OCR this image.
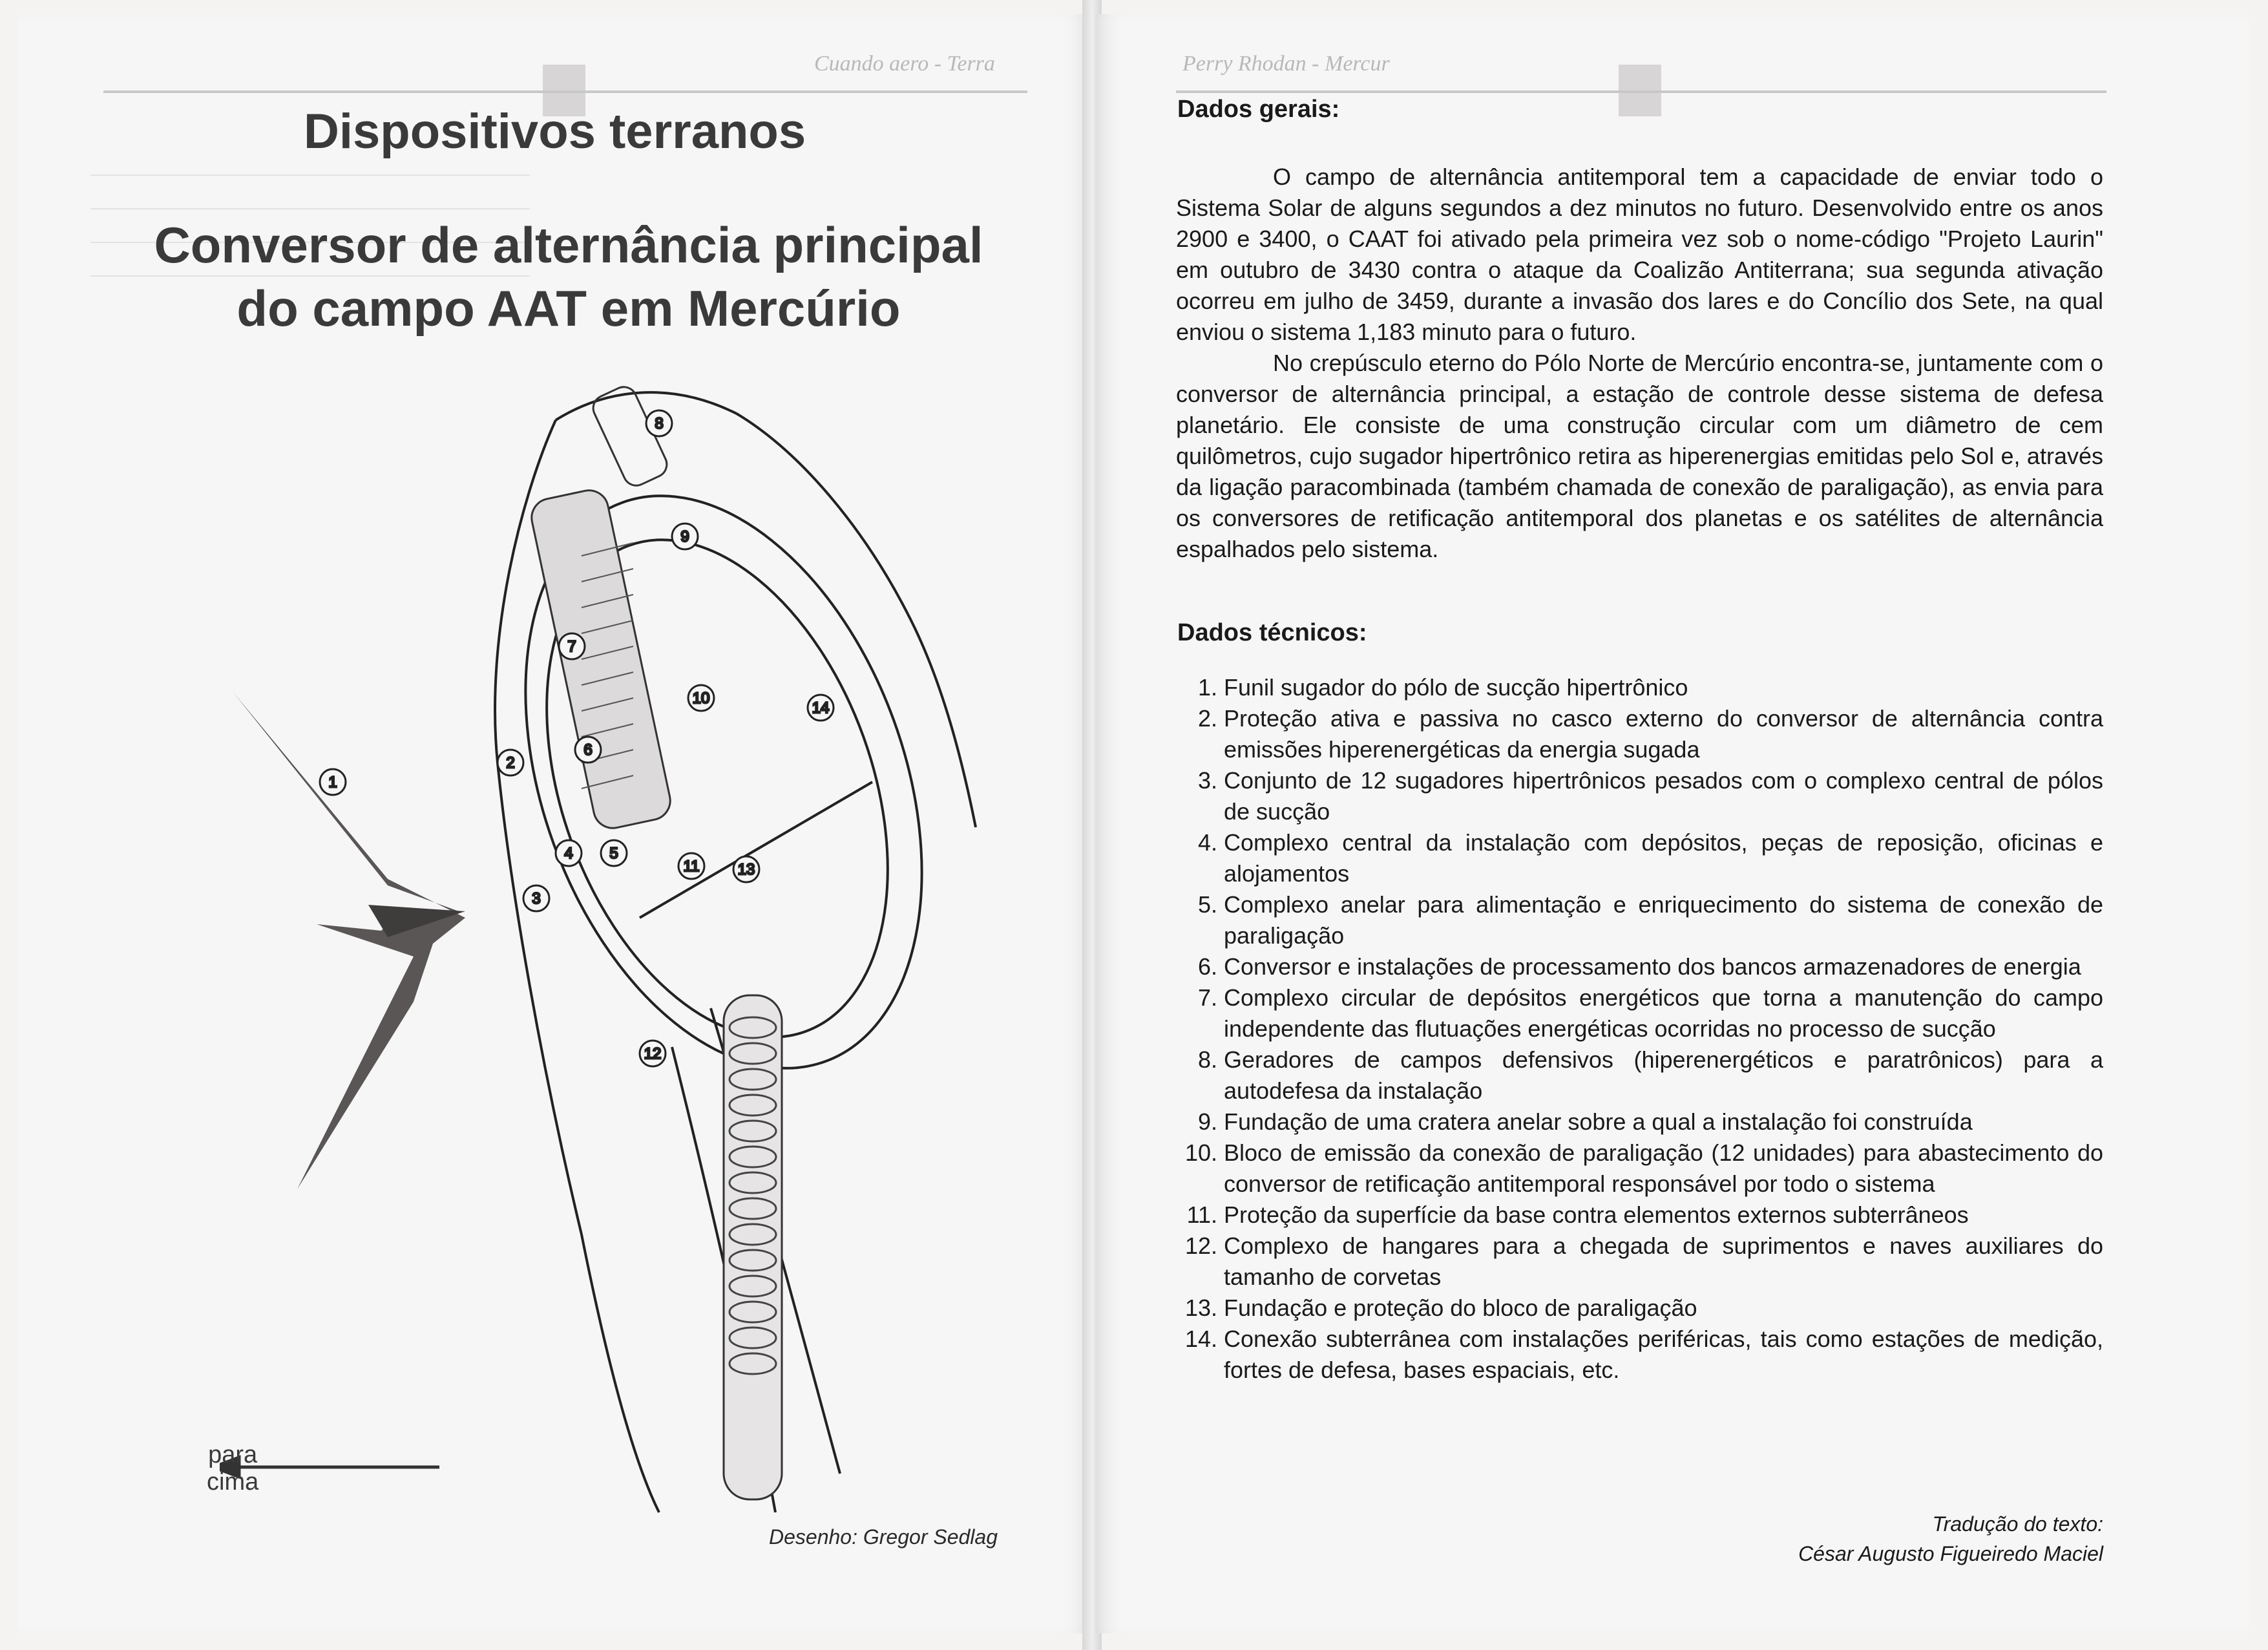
Cuando aero - Terra
Dispositivos terranos
Conversor de alternância principal do campo AAT em Mercúrio
1
2
3
4 5
6
7
8
9
10
11
12
13
14
para
cima
Desenho: Gregor Sedlag
Perry Rhodan - Mercur
Dados gerais:

O campo de alternância antitemporal tem a capacidade de enviar todo o Sistema Solar de alguns segundos a dez minutos no futuro. Desenvolvido entre os anos 2900 e 3400, o CAAT foi ativado pela primeira vez sob o nome-código "Projeto Laurin" em outubro de 3430 contra o ataque da Coalizão Antiterrana; sua segunda ativação ocorreu em julho de 3459, durante a invasão dos lares e do Concílio dos Sete, na qual enviou o sistema 1,183 minuto para o futuro.

No crepúsculo eterno do Pólo Norte de Mercúrio encontra-se, juntamente com o conversor de alternância principal, a estação de controle desse sistema de defesa planetário. Ele consiste de uma construção circular com um diâmetro de cem quilômetros, cujo sugador hipertrônico retira as hiperenergias emitidas pelo Sol e, através da ligação paracombinada (também chamada de conexão de paraligação), as envia para os conversores de retificação antitemporal dos planetas e os satélites de alternância espalhados pelo sistema.

Dados técnicos:
1. Funil sugador do pólo de sucção hipertrônico
2. Proteção ativa e passiva no casco externo do conversor de alternância contra emissões hiperenergéticas da energia sugada
3. Conjunto de 12 sugadores hipertrônicos pesados com o complexo central de pólos de sucção
4. Complexo central da instalação com depósitos, peças de reposição, oficinas e alojamentos
5. Complexo anelar para alimentação e enriquecimento do sistema de conexão de paraligação
6. Conversor e instalações de processamento dos bancos armazenadores de energia
7. Complexo circular de depósitos energéticos que torna a manutenção do campo independente das flutuações energéticas ocorridas no processo de sucção
8. Geradores de campos defensivos (hiperenergéticos e paratrônicos) para a autodefesa da instalação
9. Fundação de uma cratera anelar sobre a qual a instalação foi construída
10. Bloco de emissão da conexão de paraligação (12 unidades) para abastecimento do conversor de retificação antitemporal responsável por todo o sistema
11. Proteção da superfície da base contra elementos externos subterrâneos
12. Complexo de hangares para a chegada de suprimentos e naves auxiliares do tamanho de corvetas
13. Fundação e proteção do bloco de paraligação
14. Conexão subterrânea com instalações periféricas, tais como estações de medição, fortes de defesa, bases espaciais, etc.
Tradução do texto:
César Augusto Figueiredo Maciel
